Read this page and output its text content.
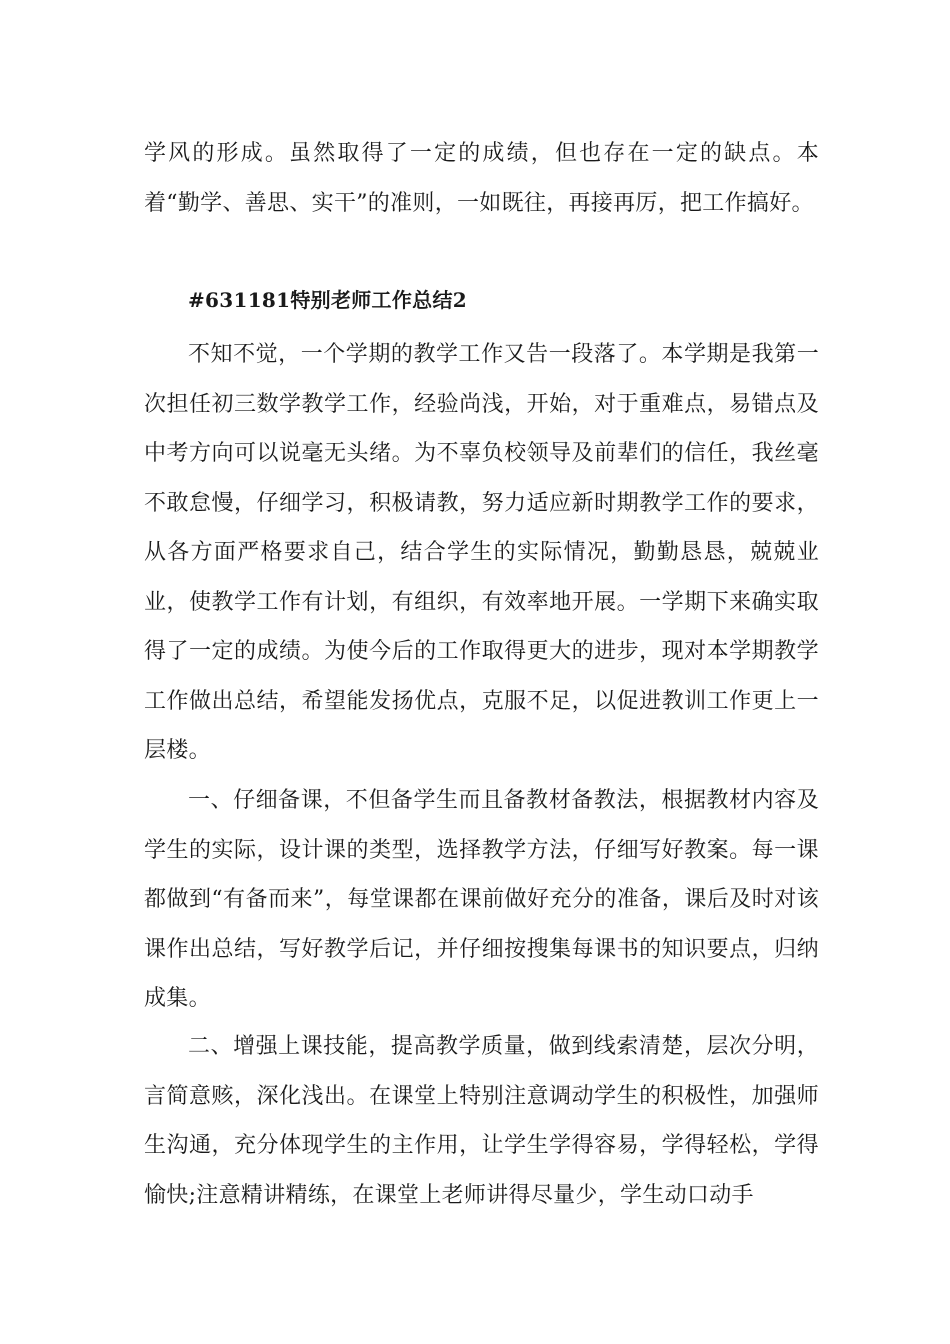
学风的形成。虽然取得了一定的成绩，但也存在一定的缺点。本着“勤学、善思、实干”的准则，一如既往，再接再厉，把工作搞好。

#631181特别老师工作总结2

不知不觉，一个学期的教学工作又告一段落了。本学期是我第一次担任初三数学教学工作，经验尚浅，开始，对于重难点，易错点及中考方向可以说毫无头绪。为不辜负校领导及前辈们的信任，我丝毫不敢怠慢，仔细学习，积极请教，努力适应新时期教学工作的要求，从各方面严格要求自己，结合学生的实际情况，勤勤恳恳，兢兢业业，使教学工作有计划，有组织，有效率地开展。一学期下来确实取得了一定的成绩。为使今后的工作取得更大的进步，现对本学期教学工作做出总结，希望能发扬优点，克服不足，以促进教训工作更上一层楼。

一、仔细备课，不但备学生而且备教材备教法，根据教材内容及学生的实际，设计课的类型，选择教学方法，仔细写好教案。每一课都做到“有备而来”，每堂课都在课前做好充分的准备，课后及时对该课作出总结，写好教学后记，并仔细按搜集每课书的知识要点，归纳成集。

二、增强上课技能，提高教学质量，做到线索清楚，层次分明，言简意赅，深化浅出。在课堂上特别注意调动学生的积极性，加强师生沟通，充分体现学生的主作用，让学生学得容易，学得轻松，学得愉快;注意精讲精练，在课堂上老师讲得尽量少，学生动口动手
